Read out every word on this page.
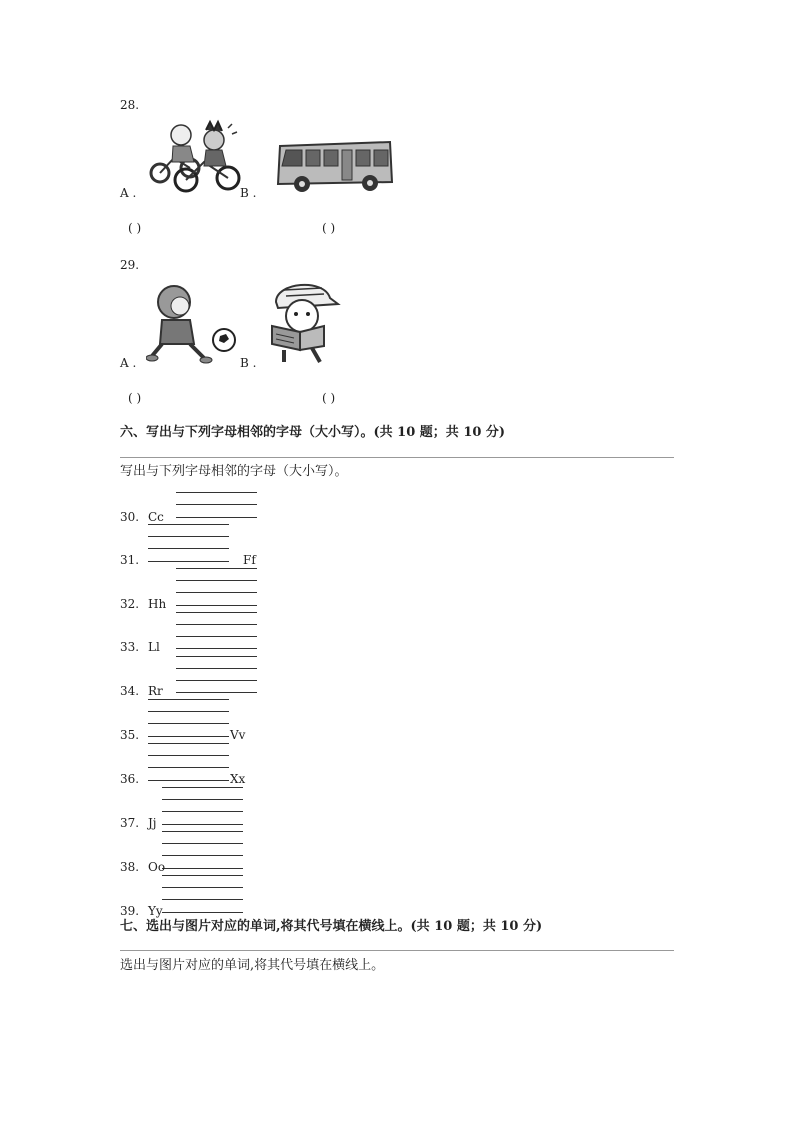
28.
A .	B .
( )	( )
29.
A .	B .
( )	( )
六、写出与下列字母相邻的字母（大小写）。(共 10 题；共 10 分)
写出与下列字母相邻的字母（大小写）。
30. Cc
31.	Ff
32. Hh
33. Ll
34. Rr
35.	Vv
36.	Xx
37. Jj
38. Oo
39. Yy
七、选出与图片对应的单词,将其代号填在横线上。(共 10 题；共 10 分)
选出与图片对应的单词,将其代号填在横线上。
